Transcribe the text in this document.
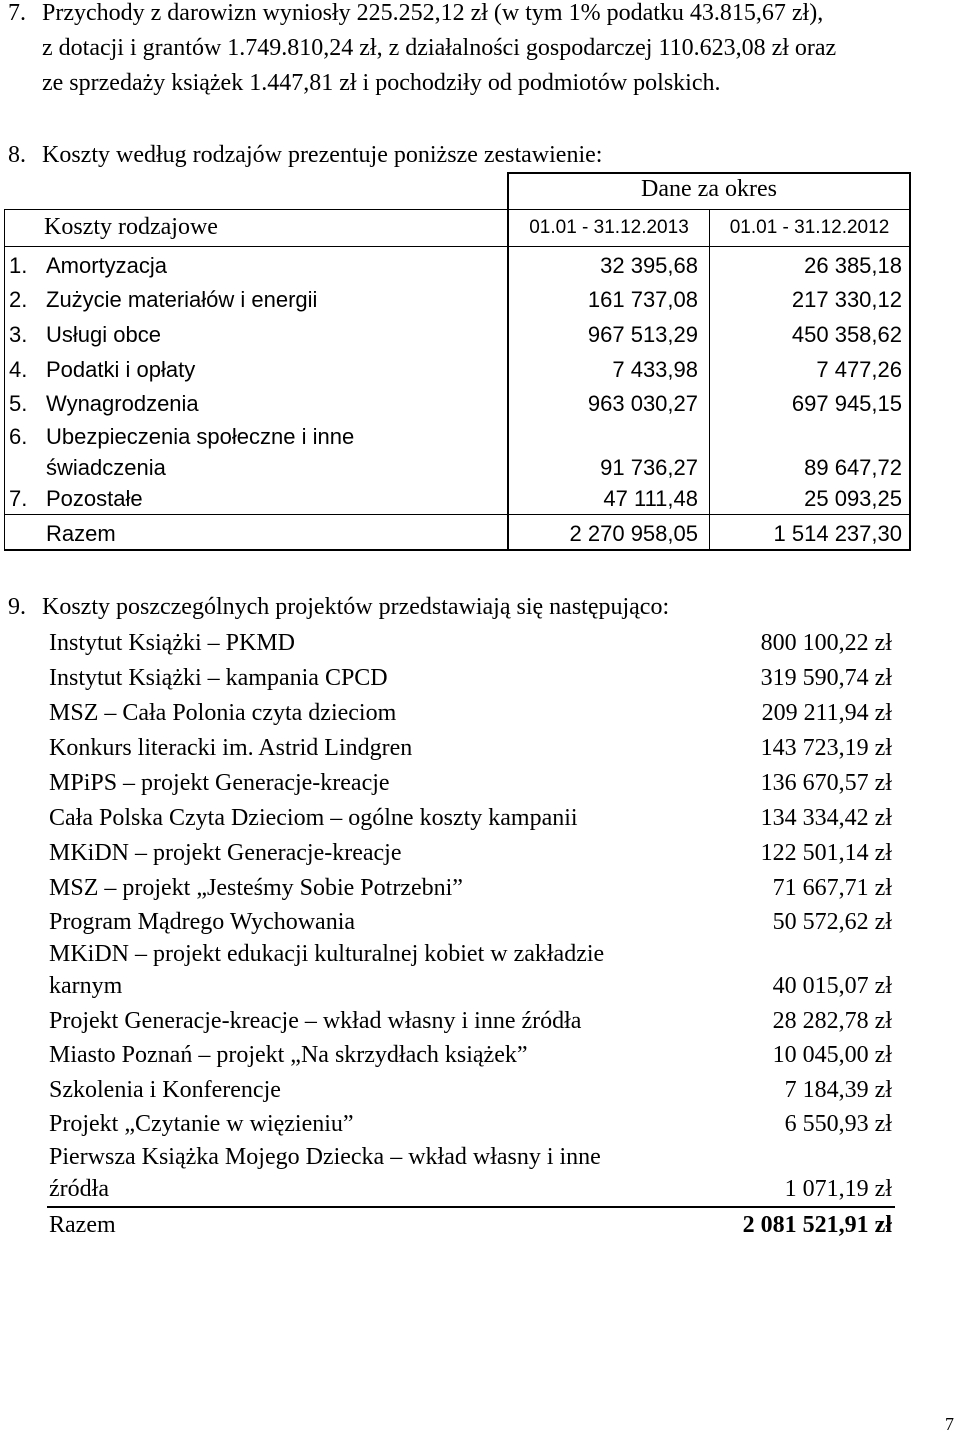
7. Przychody z darowizn wyniosły 225.252,12 zł (w tym 1% podatku 43.815,67 zł),
z dotacji i grantów 1.749.810,24 zł, z działalności gospodarczej 110.623,08 zł oraz
ze sprzedaży książek 1.447,81 zł i pochodziły od podmiotów polskich.
8. Koszty według rodzajów prezentuje poniższe zestawienie:
Dane za okres
Koszty rodzajowe	01.01 - 31.12.2013	01.01 - 31.12.2012
1. Amortyzacja	32 395,68	26 385,18
2. Zużycie materiałów i energii	161 737,08	217 330,12
3. Usługi obce	967 513,29	450 358,62
4. Podatki i opłaty	7 433,98	7 477,26
5. Wynagrodzenia	963 030,27	697 945,15
6. Ubezpieczenia społeczne i inne
świadczenia	91 736,27	89 647,72
7. Pozostałe	47 111,48	25 093,25
Razem	2 270 958,05	1 514 237,30
9. Koszty poszczególnych projektów przedstawiają się następująco:
Instytut Książki – PKMD	800 100,22 zł
Instytut Książki – kampania CPCD	319 590,74 zł
MSZ – Cała Polonia czyta dzieciom	209 211,94 zł
Konkurs literacki im. Astrid Lindgren	143 723,19 zł
MPiPS – projekt Generacje-kreacje	136 670,57 zł
Cała Polska Czyta Dzieciom – ogólne koszty kampanii	134 334,42 zł
MKiDN – projekt Generacje-kreacje	122 501,14 zł
MSZ – projekt „Jesteśmy Sobie Potrzebni”	71 667,71 zł
Program Mądrego Wychowania	50 572,62 zł
MKiDN – projekt edukacji kulturalnej kobiet w zakładzie
karnym	40 015,07 zł
Projekt Generacje-kreacje – wkład własny i inne źródła	28 282,78 zł
Miasto Poznań – projekt „Na skrzydłach książek”	10 045,00 zł
Szkolenia i Konferencje	7 184,39 zł
Projekt „Czytanie w więzieniu”	6 550,93 zł
Pierwsza Książka Mojego Dziecka – wkład własny i inne
źródła	1 071,19 zł
Razem	2 081 521,91 zł
7
